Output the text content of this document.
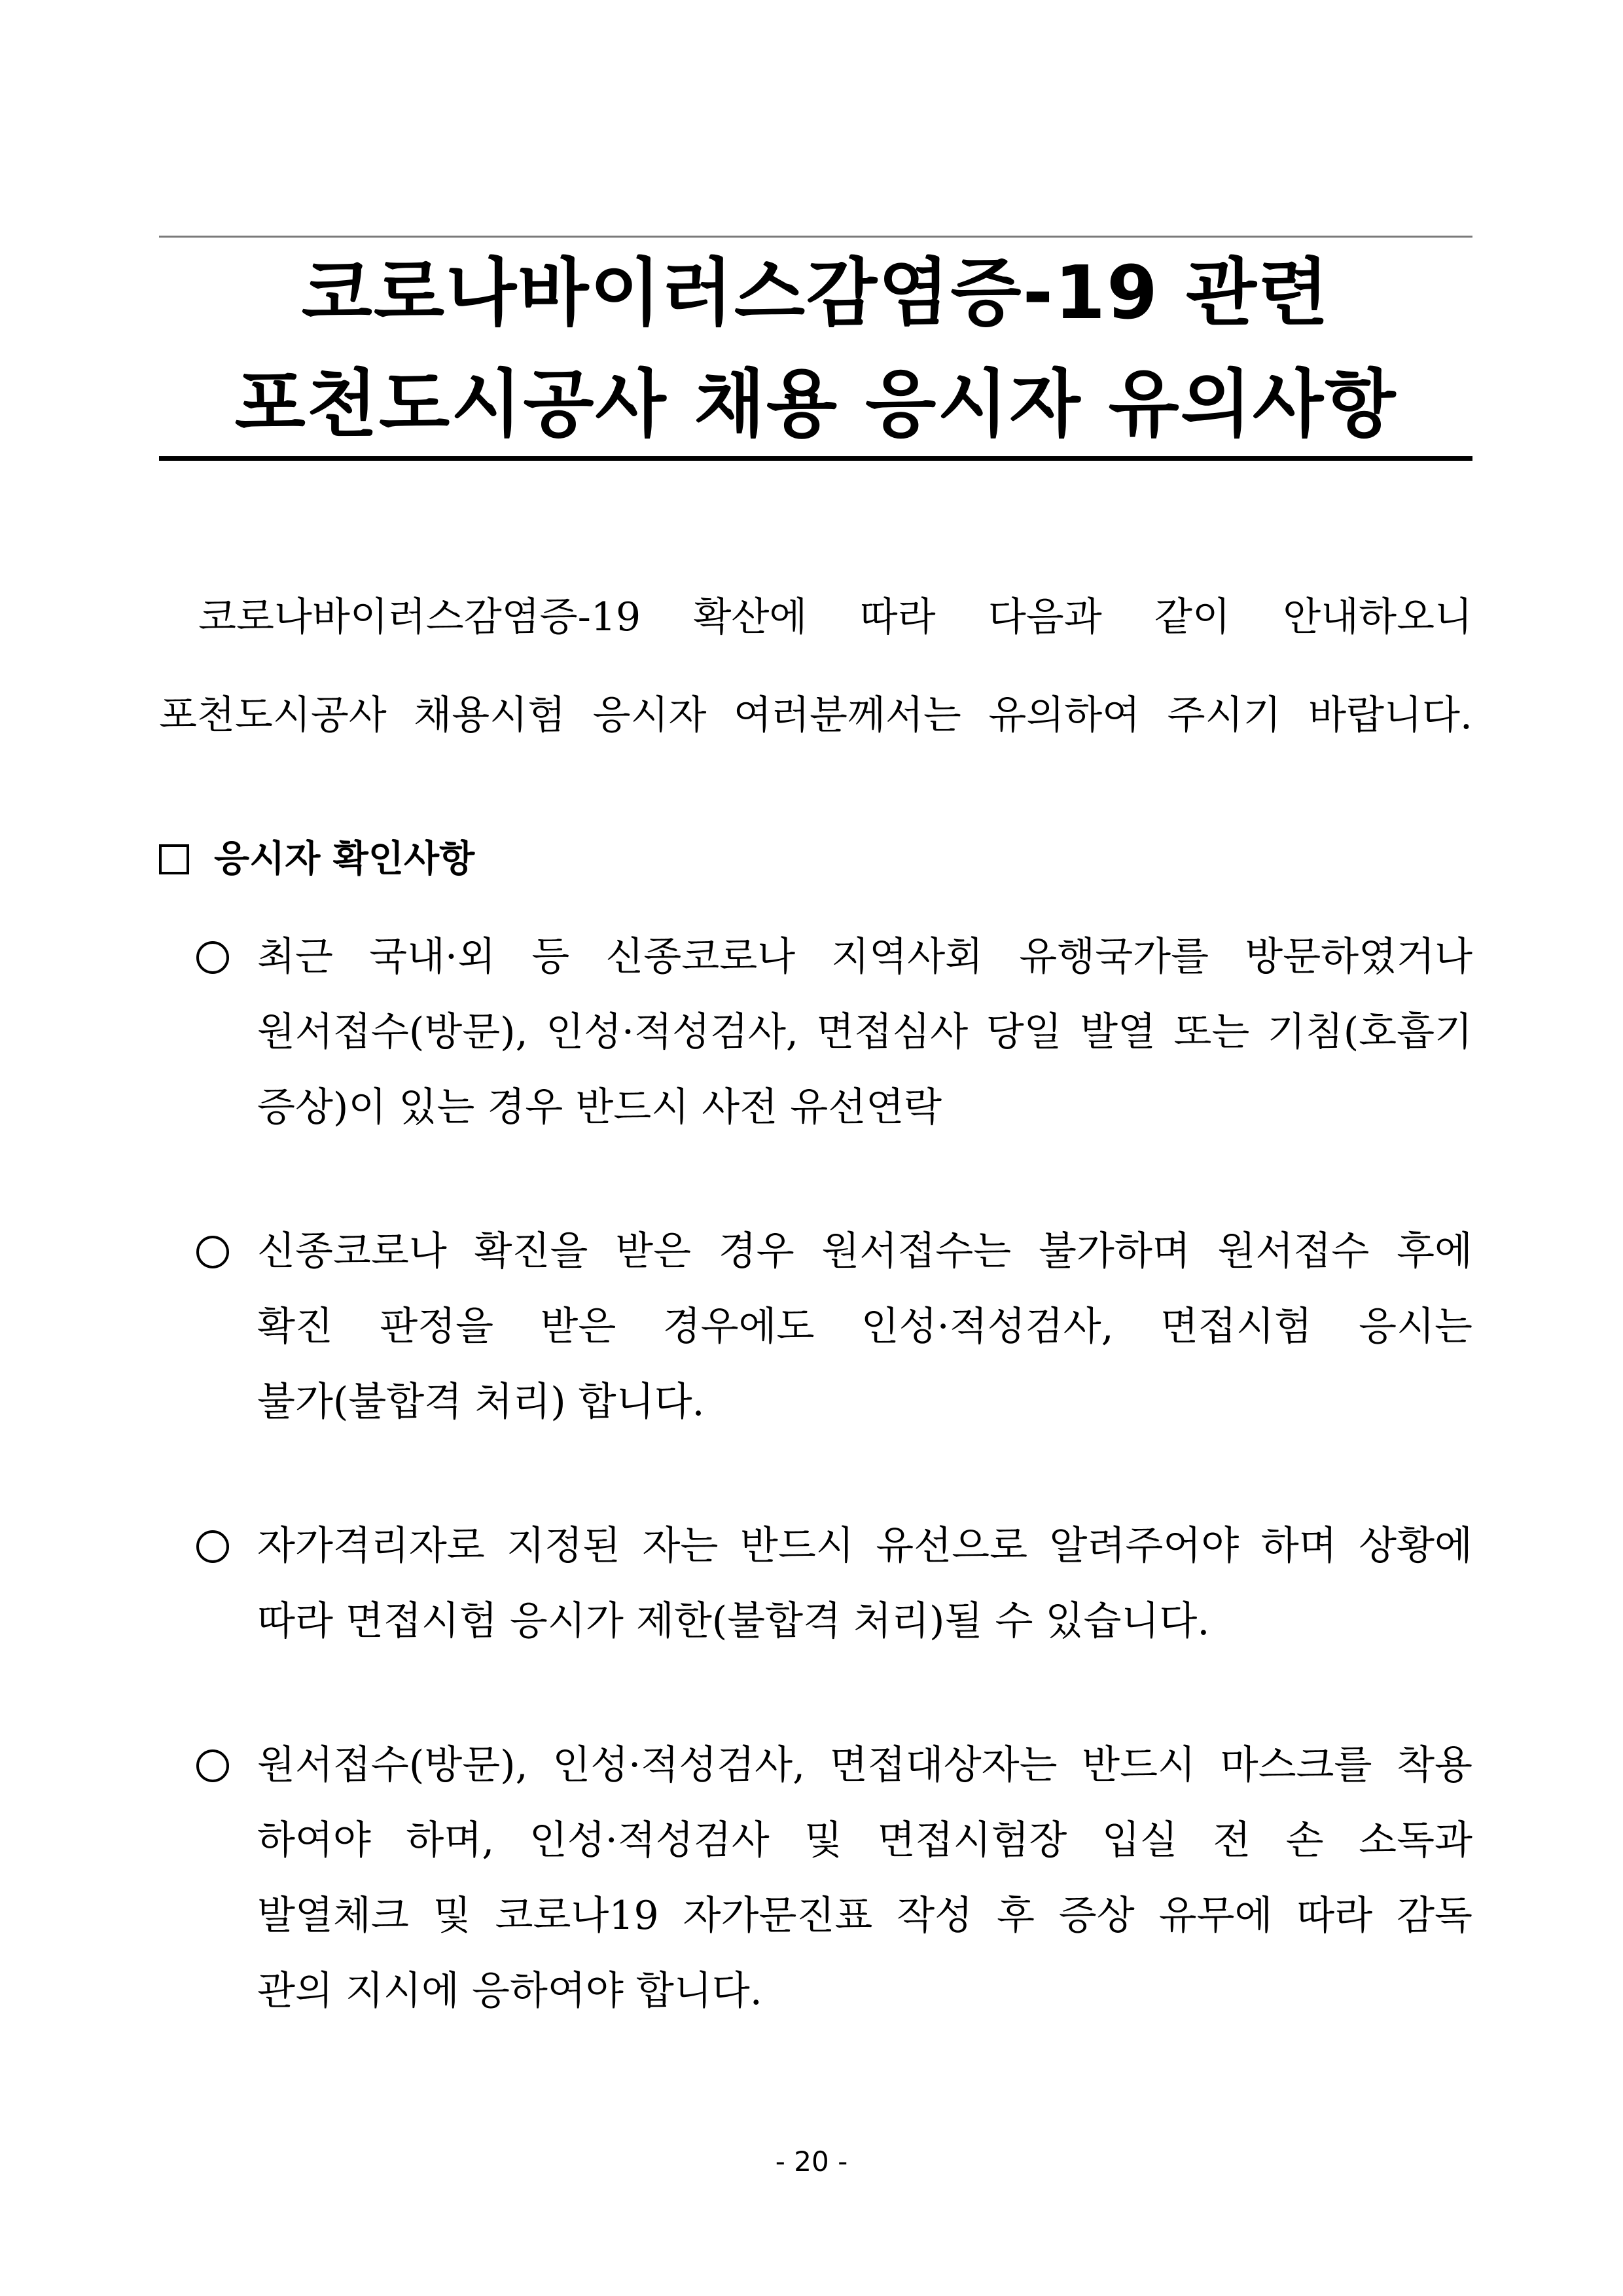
코로나바이러스감염증-19 관련
포천도시공사 채용 응시자 유의사항

코로나바이러스감염증-19 확산에 따라 다음과 같이 안내하오니

포천도시공사 채용시험 응시자 여러분께서는 유의하여 주시기 바랍니다.

응시자 확인사항
최근 국내·외 등 신종코로나 지역사회 유행국가를 방문하였거나
원서접수(방문), 인성·적성검사, 면접심사 당일 발열 또는 기침(호흡기
증상)이 있는 경우 반드시 사전 유선연락
신종코로나 확진을 받은 경우 원서접수는 불가하며 원서접수 후에
확진 판정을 받은 경우에도 인성·적성검사, 면접시험 응시는
불가(불합격 처리) 합니다.
자가격리자로 지정된 자는 반드시 유선으로 알려주어야 하며 상황에
따라 면접시험 응시가 제한(불합격 처리)될 수 있습니다.
원서접수(방문), 인성·적성검사, 면접대상자는 반드시 마스크를 착용
하여야 하며, 인성·적성검사 및 면접시험장 입실 전 손 소독과
발열체크 및 코로나19 자가문진표 작성 후 증상 유무에 따라 감독
관의 지시에 응하여야 합니다.
- 20 -
